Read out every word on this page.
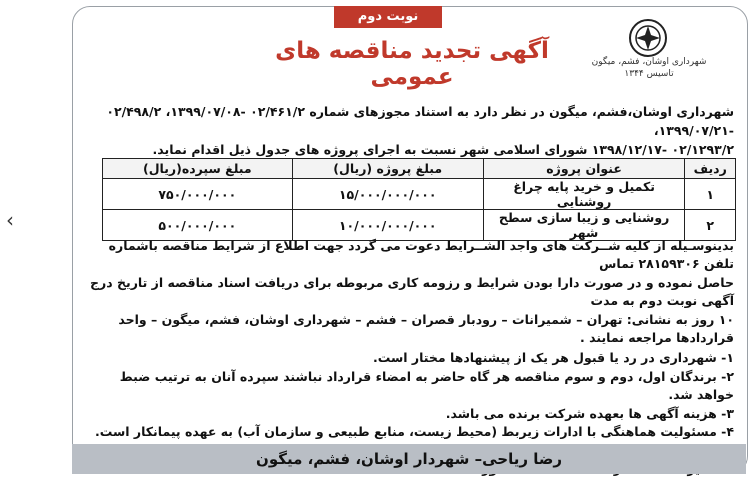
نوبت دوم
شهرداری اوشان، فشم، میگون
تاسیس ۱۳۴۴
آگهی تجدید مناقصه های عمومی
شهرداری اوشان،فشم، میگون در نظر دارد به استناد مجوزهای شماره ۰۲/۴۶۱/۲ -۱۳۹۹/۰۷/۰۸، ۰۲/۴۹۸/۲ -۱۳۹۹/۰۷/۲۱،
۰۲/۱۲۹۳/۲ -۱۳۹۸/۱۲/۱۷ شورای اسلامی شهر نسبت به اجرای پروژه های جدول ذیل اقدام نماید.
ردیف	عنوان پروژه	مبلغ پروژه (ریال)	مبلغ سپرده(ریال)
۱	تکمیل و خرید پایه چراغ روشنایی	۱۵/۰۰۰/۰۰۰/۰۰۰	۷۵۰/۰۰۰/۰۰۰
۲	روشنایی و زیبا سازی سطح شهر	۱۰/۰۰۰/۰۰۰/۰۰۰	۵۰۰/۰۰۰/۰۰۰

بدینوسـیله از کلیه شــرکت های واجد الشــرایط دعوت می گردد جهت اطلاع از شرایط مناقصه باشماره تلفن ۲۸۱۵۹۳۰۶ تماس

حاصل نموده و در صورت دارا بودن شرایط و رزومه کاری مربوطه برای دریافت اسناد مناقصه از تاریخ درج آگهی نوبت دوم به مدت

۱۰ روز به نشانی: تهران – شمیرانات – رودبار قصران – فشم – شهرداری اوشان، فشم، میگون – واحد قراردادها مراجعه نمایند .

۱- شهرداری در رد یا قبول هر یک از پیشنهادها مختار است.

۲- برندگان اول، دوم و سوم مناقصه هر گاه حاضر به امضاء قرارداد نباشند سپرده آنان به ترتیب ضبط خواهد شد.

۳- هزینه آگهی ها بعهده شرکت برنده می باشد.

۴- مسئولیت هماهنگی با ادارات زیربط (محیط زیست، منابع طبیعی و سازمان آب) به عهده پیمانکار است.

رضا ریاحی– شهردار اوشان، فشم، میگون
‹
